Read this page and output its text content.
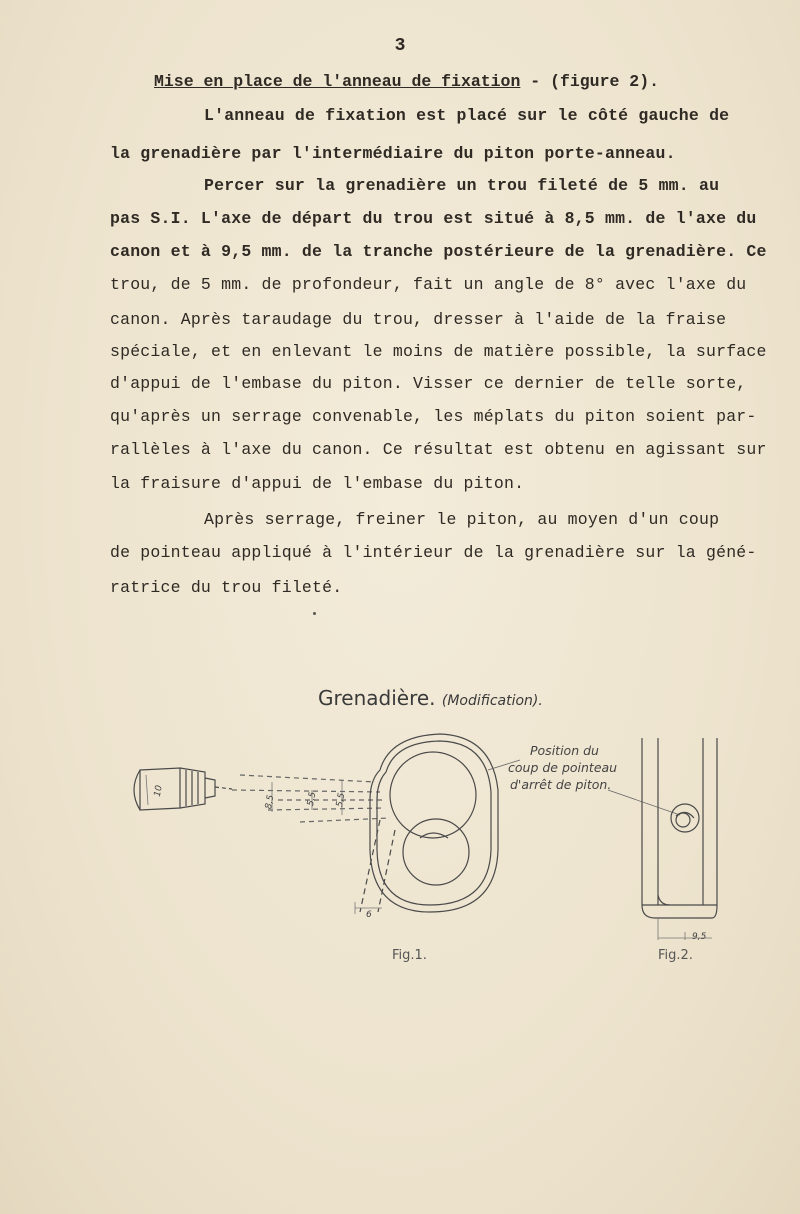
3
Mise en place de l'anneau de fixation - (figure 2).
L'anneau de fixation est placé sur le côté gauche de
la grenadière par l'intermédiaire du piton porte-anneau.
Percer sur la grenadière un trou fileté de 5 mm. au
pas S.I. L'axe de départ du trou est situé à 8,5 mm. de l'axe du
canon et à 9,5 mm. de la tranche postérieure de la grenadière. Ce
trou, de 5 mm. de profondeur, fait un angle de 8° avec l'axe du
canon. Après taraudage du trou, dresser à l'aide de la fraise
spéciale, et en enlevant le moins de matière possible, la surface
d'appui de l'embase du piton. Visser ce dernier de telle sorte,
qu'après un serrage convenable, les méplats du piton soient par-
rallèles à l'axe du canon. Ce résultat est obtenu en agissant sur
la fraisure d'appui de l'embase du piton.
Après serrage, freiner le piton, au moyen d'un coup
de pointeau appliqué à l'intérieur de la grenadière sur la géné-
ratrice du trou fileté.
Grenadière. (Modification).
10
8,5	5,5 5,5
6
9,5
Position du
coup de pointeau
d'arrêt de piton.
Fig.1.	Fig.2.
